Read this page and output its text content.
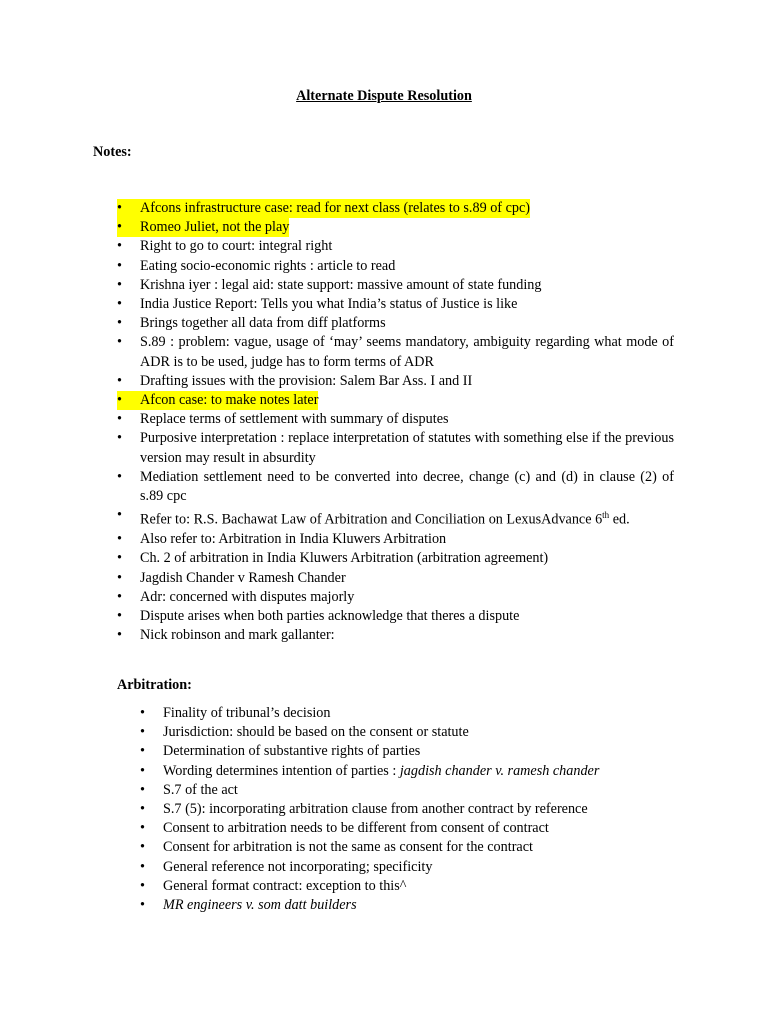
Alternate Dispute Resolution
Notes:
•	Afcons infrastructure case: read for next class (relates to s.89 of cpc)
•	Romeo Juliet, not the play
•	Right to go to court: integral right
•	Eating socio-economic rights : article to read
•	Krishna iyer : legal aid: state support: massive amount of state funding
•	India Justice Report: Tells you what India’s status of Justice is like
•	Brings together all data from diff platforms
•	S.89 : problem: vague, usage of ‘may’ seems mandatory, ambiguity regarding what mode of ADR is to be used, judge has to form terms of ADR
•	Drafting issues with the provision: Salem Bar Ass. I and II
•	Afcon case: to make notes later
•	Replace terms of settlement with summary of disputes
•	Purposive interpretation : replace interpretation of statutes with something else if the previous version may result in absurdity
•	Mediation settlement need to be converted into decree, change (c) and (d) in clause (2) of s.89 cpc
•	Refer to: R.S. Bachawat Law of Arbitration and Conciliation on LexusAdvance 6th ed.
•	Also refer to: Arbitration in India Kluwers Arbitration
•	Ch. 2 of arbitration in India Kluwers Arbitration (arbitration agreement)
•	Jagdish Chander v Ramesh Chander
•	Adr: concerned with disputes majorly
•	Dispute arises when both parties acknowledge that theres a dispute
•	Nick robinson and mark gallanter:
Arbitration:
•	Finality of tribunal’s decision
•	Jurisdiction: should be based on the consent or statute
•	Determination of substantive rights of parties
•	Wording determines intention of parties : jagdish chander v. ramesh chander
•	S.7 of the act
•	S.7 (5): incorporating arbitration clause from another contract by reference
•	Consent to arbitration needs to be different from consent of contract
•	Consent for arbitration is not the same as consent for the contract
•	General reference not incorporating; specificity
•	General format contract: exception to this^
•	MR engineers v. som datt builders
